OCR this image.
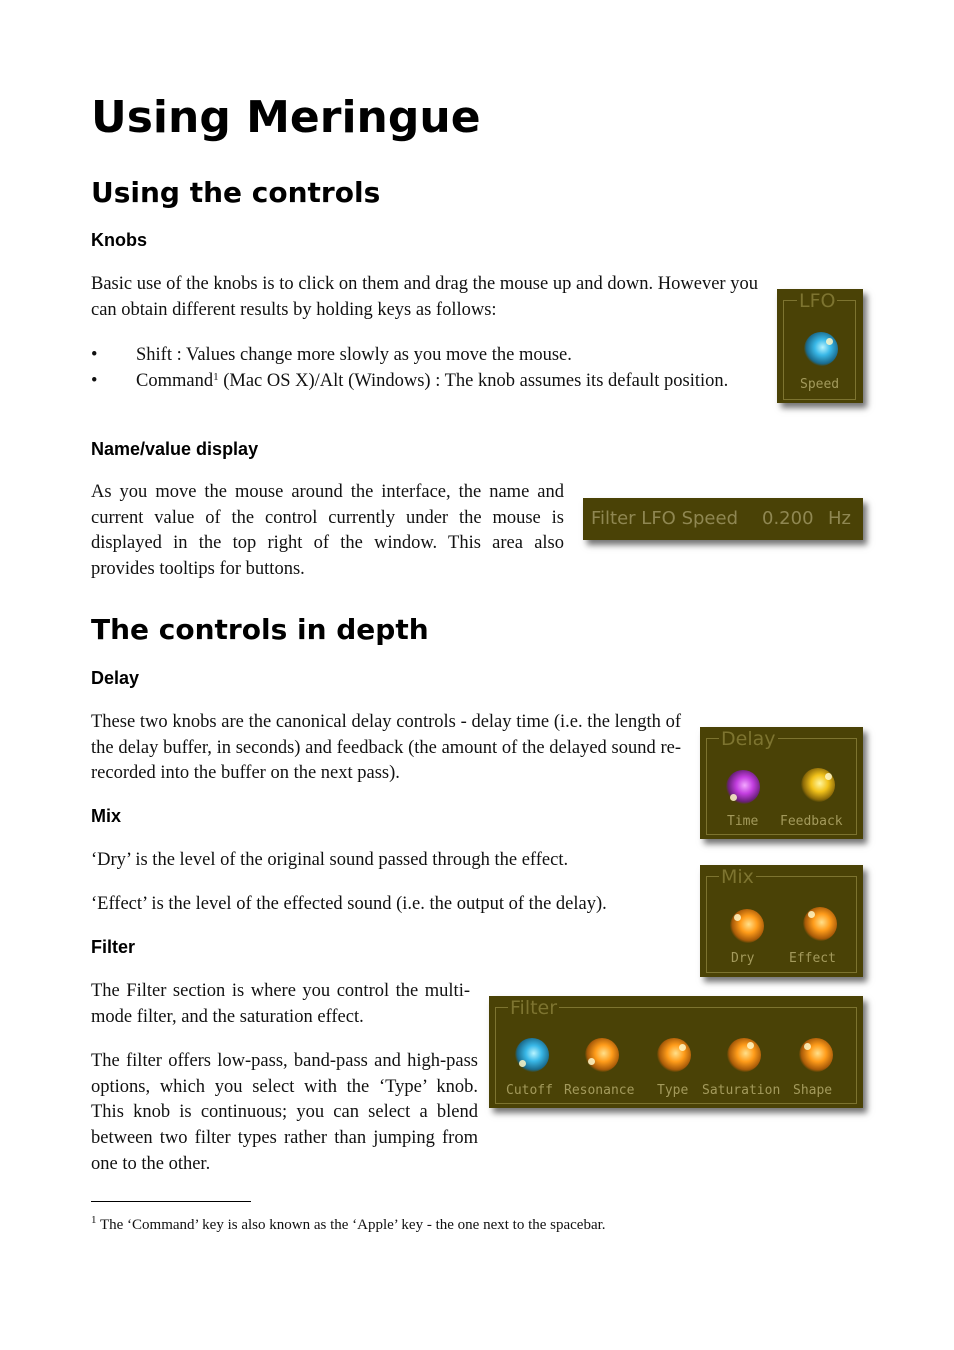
Using Meringue
Using the controls
Knobs

Basic use of the knobs is to click on them and drag the mouse up and down. However you can obtain different results by holding keys as follows:

• Shift : Values change more slowly as you move the mouse.
• Command$^1$ (Mac OS X)/Alt (Windows) : The knob assumes its default position.
LFO
Speed
Name/value display

As you move the mouse around the interface, the name and current value of the control currently under the mouse is displayed in the top right of the window. This area also provides tooltips for buttons.

Filter LFO Speed 0.200 Hz
The controls in depth
Delay

These two knobs are the canonical delay controls - delay time (i.e. the length of the delay buffer, in seconds) and feedback (the amount of the delayed sound re-recorded into the buffer on the next pass).

Delay
Time Feedback
Mix

‘Dry’ is the level of the original sound passed through the effect.

‘Effect’ is the level of the effected sound (i.e. the output of the delay).

Mix
Dry	Effect
Filter

The Filter section is where you control the multi-mode filter, and the saturation effect.

The filter offers low-pass, band-pass and high-pass options, which you select with the ‘Type’ knob. This knob is continuous; you can select a blend between two filter types rather than jumping from one to the other.

Filter
Cutoff Resonance Type Saturation Shape

$^1$ The ‘Command’ key is also known as the ‘Apple’ key - the one next to the spacebar.
